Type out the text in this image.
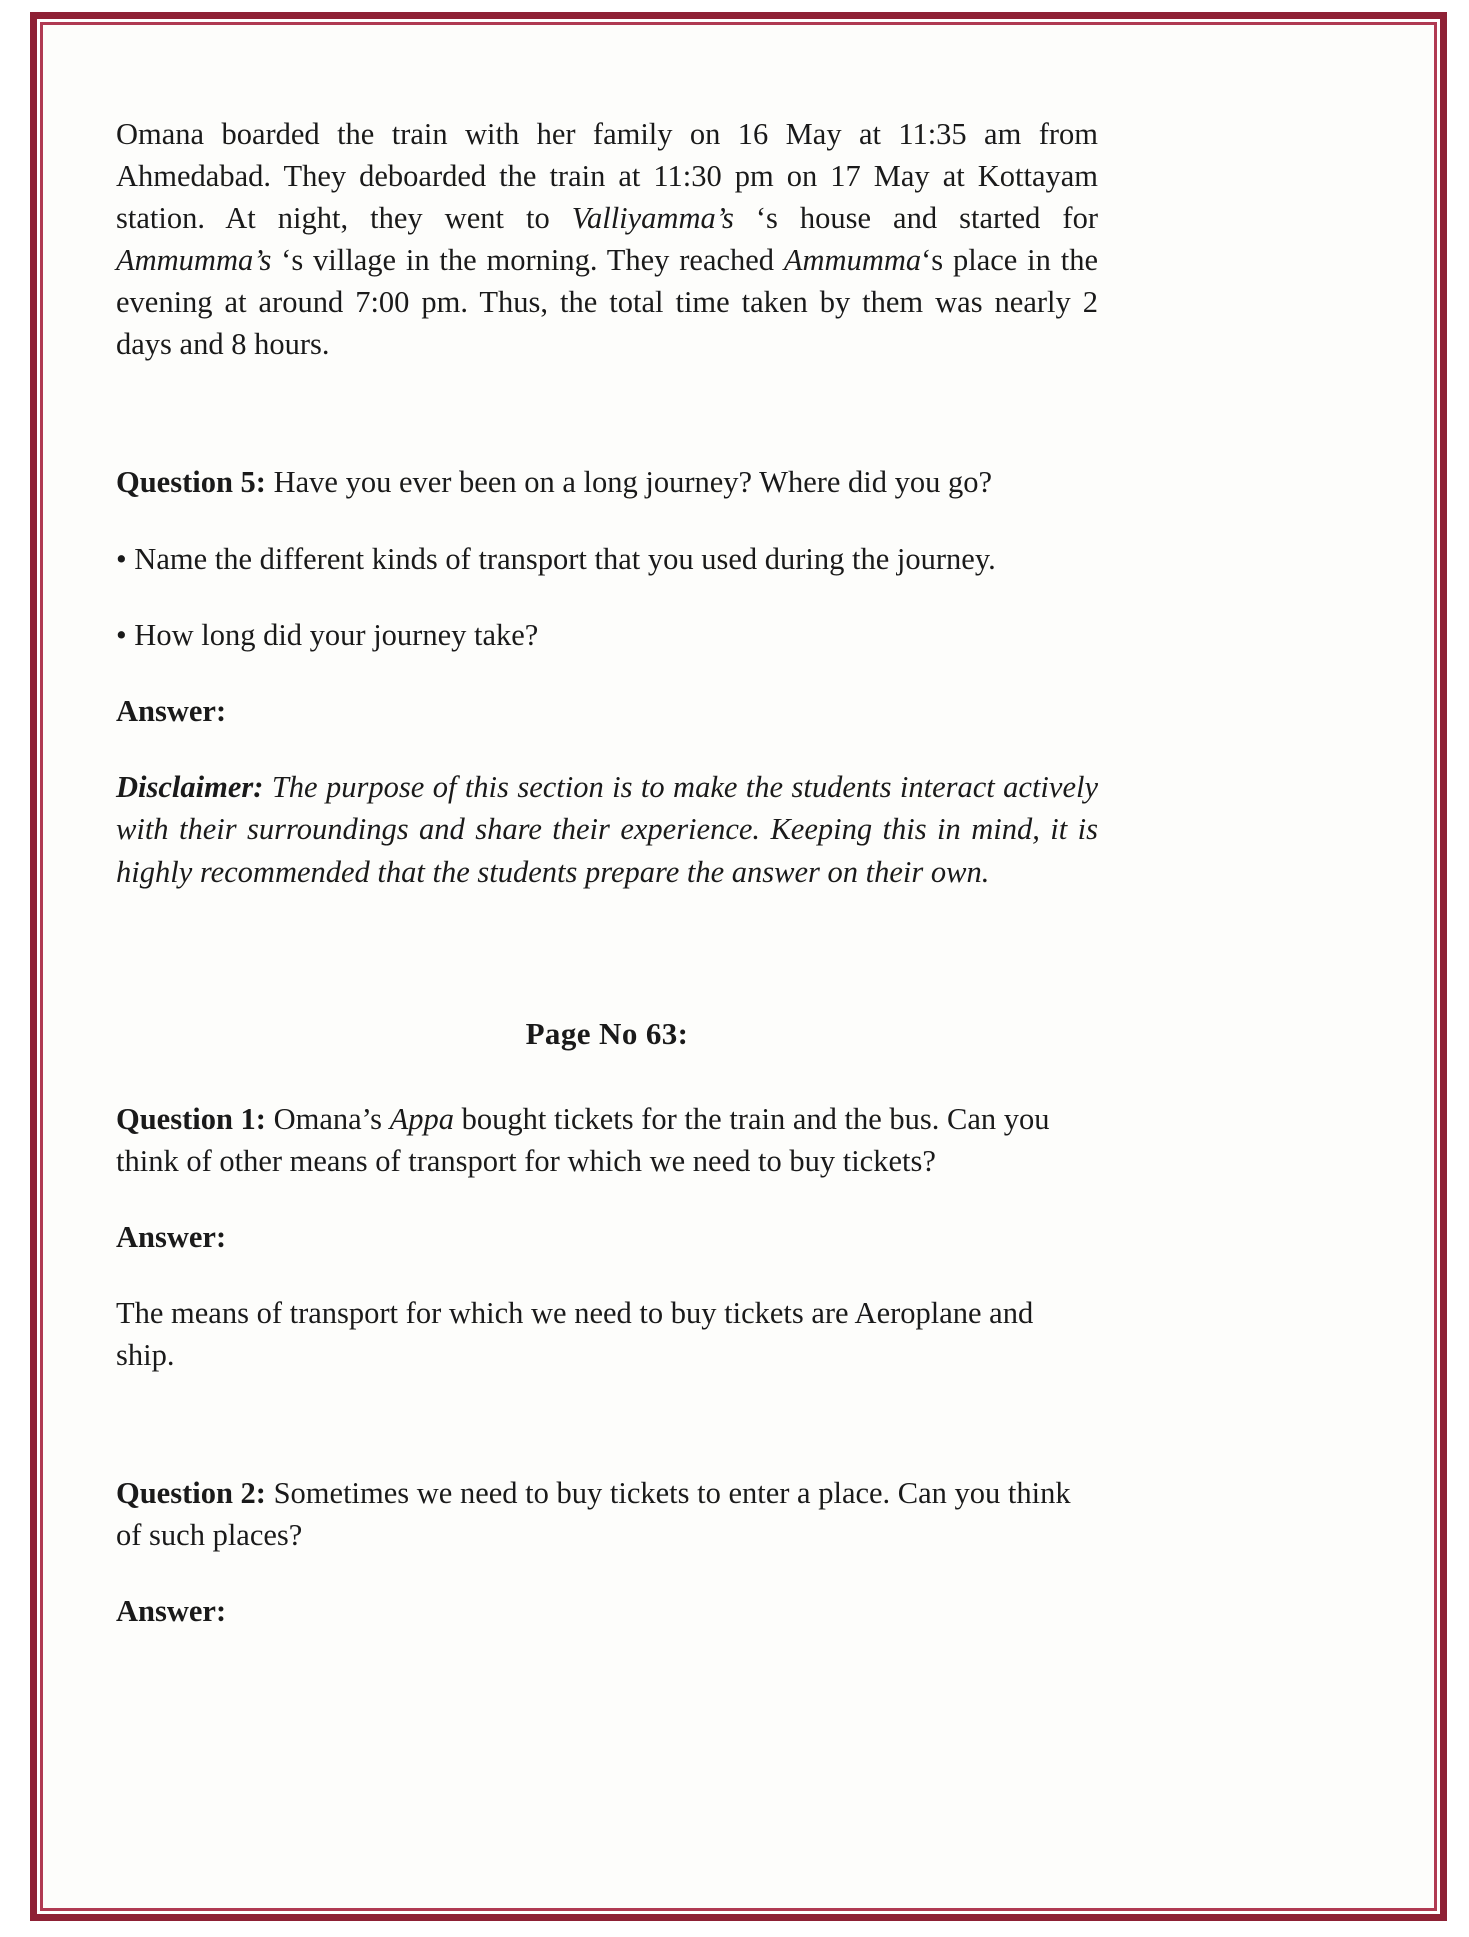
Omana boarded the train with her family on 16 May at 11:35 am from Ahmedabad. They deboarded the train at 11:30 pm on 17 May at Kottayam station. At night, they went to Valliyamma’s ‘s house and started for Ammumma’s ‘s village in the morning. They reached Ammumma‘s place in the evening at around 7:00 pm. Thus, the total time taken by them was nearly 2 days and 8 hours.

Question 5: Have you ever been on a long journey? Where did you go?

• Name the different kinds of transport that you used during the journey.

• How long did your journey take?

Answer:

Disclaimer: The purpose of this section is to make the students interact actively with their surroundings and share their experience. Keeping this in mind, it is highly recommended that the students prepare the answer on their own.

Page No 63:

Question 1: Omana’s Appa bought tickets for the train and the bus. Can you think of other means of transport for which we need to buy tickets?

Answer:

The means of transport for which we need to buy tickets are Aeroplane and ship.

Question 2: Sometimes we need to buy tickets to enter a place. Can you think of such places?

Answer:
